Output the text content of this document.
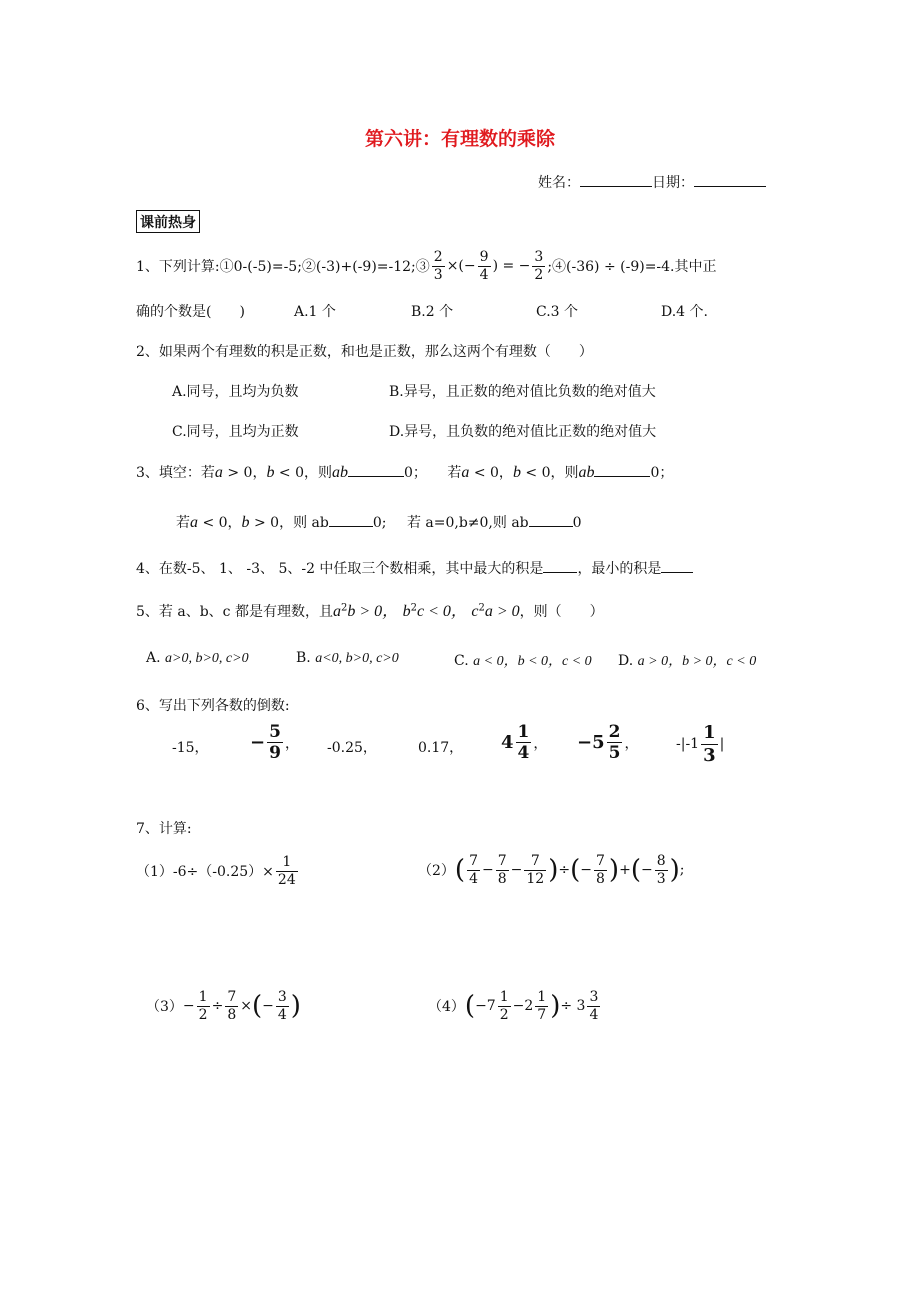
第六讲：有理数的乘除
姓名：	日期：
课前热身
1、 下列计算:①0-(-5)=-5;②(-3)+(-9)=-12;③ $\frac{2}{3}$ ×(− $\frac{9}{4}$ ) = − $\frac{3}{2}$ ;④(-36) ÷ (-9)=-4.其中正
确的个数是(　　)	A.1 个	B.2 个	C.3 个	D.4 个.
2、如果两个有理数的积是正数，和也是正数，那么这两个有理数（　　）
A.同号，且均为负数	B.异号，且正数的绝对值比负数的绝对值大
C.同号，且均为正数	D.异号，且负数的绝对值比正数的绝对值大
3、填空：若a > 0，b < 0，则ab	0； 若a < 0，b < 0，则ab	0；
若a < 0，b > 0，则 ab	0; 若 a=0,b≠0,则 ab	0
4、在数-5、 1、 -3、 5、-2 中任取三个数相乘，其中最大的积是 ，最小的积是
5、若 a、b、c 都是有理数，且$a^2b > 0$， $b^2c < 0$， $c^2a > 0$，则（　　）
A. a>0, b>0, c>0	B. a<0, b>0, c>0	C. a < 0，b < 0，c < 0 D. a > 0，b > 0，c < 0
6、写出下列各数的倒数:
-15， − $\frac{5}{9}$ ， -0.25，	0.17， $4 \frac{1}{4}$ ， $-5 \frac{2}{5}$ ，	$-|-1 \frac{1}{3}$ |
7、计算:
$(1)-6\div(-0.25)\times \frac{1}{24}$	（2） ( $\frac{7}{4} - \frac{7}{8} - \frac{7}{12}$ ) ÷ ( − $\frac{7}{8}$ ) + ( − $\frac{8}{3}$ ) ;
$(3) - \frac{1}{2} \div \frac{7}{8}$ × ( − $\frac{3}{4}$ )	（4） ( $-7 \frac{1}{2} -2 \frac{1}{7}$ ) ÷ $3 \frac{3}{4}$
